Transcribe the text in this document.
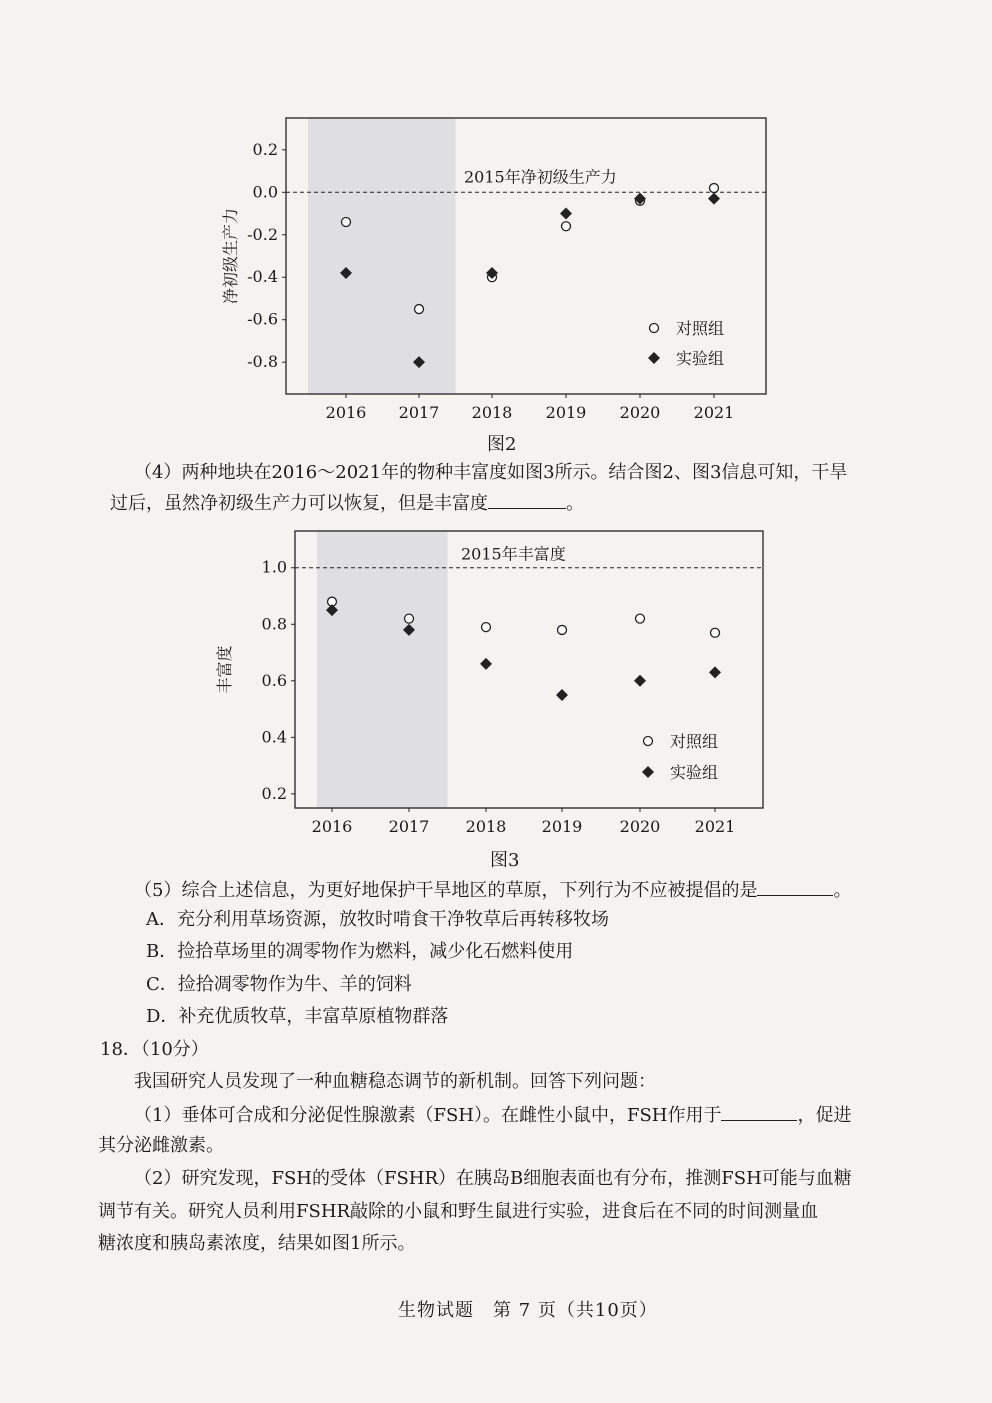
2015年净初级生产力
0.2
0.0
-0.2
-0.4
-0.6
-0.8
2016 2017 2018 2019 2020 2021
净初级生产力
对照组
实验组
图2
（4）两种地块在2016～2021年的物种丰富度如图3所示。结合图2、图3信息可知，干旱
过后，虽然净初级生产力可以恢复，但是丰富度	。
2015年丰富度
1.0
0.8
0.6
0.4
0.2
2016 2017 2018 2019 2020 2021
丰富度
对照组
实验组
图3
（5）综合上述信息，为更好地保护干旱地区的草原，下列行为不应被提倡的是	。
A．充分利用草场资源，放牧时啃食干净牧草后再转移牧场
B．捡拾草场里的凋零物作为燃料，减少化石燃料使用
C．捡拾凋零物作为牛、羊的饲料
D．补充优质牧草，丰富草原植物群落
18．（10分）
我国研究人员发现了一种血糖稳态调节的新机制。回答下列问题：
（1）垂体可合成和分泌促性腺激素（FSH）。在雌性小鼠中，FSH作用于	，促进
其分泌雌激素。
（2）研究发现，FSH的受体（FSHR）在胰岛B细胞表面也有分布，推测FSH可能与血糖
调节有关。研究人员利用FSHR敲除的小鼠和野生鼠进行实验，进食后在不同的时间测量血
糖浓度和胰岛素浓度，结果如图1所示。
生物试题　第 7 页（共10页）
